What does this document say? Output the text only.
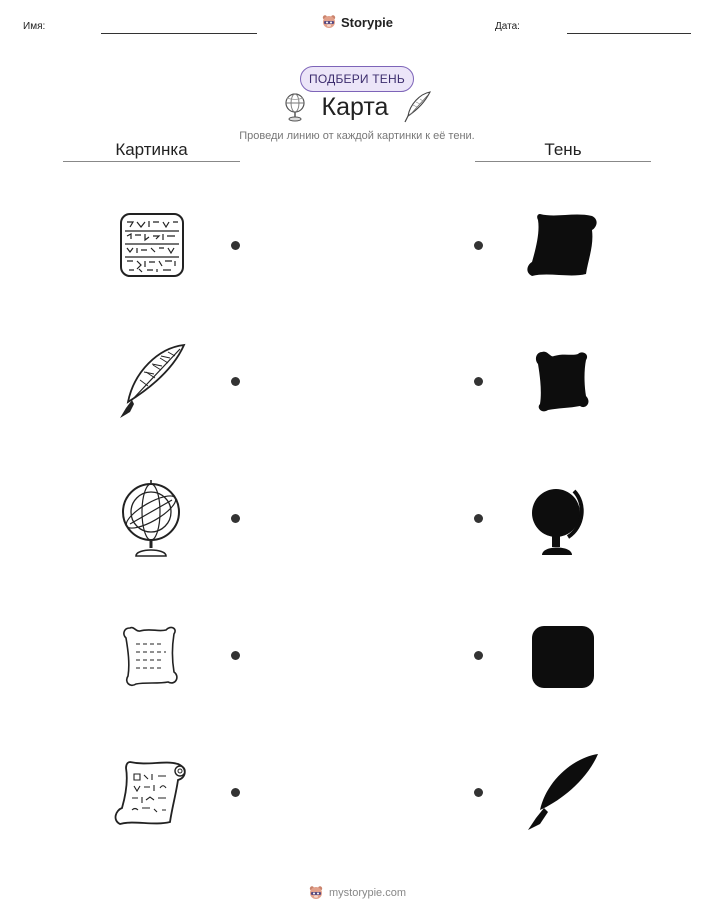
Имя:	Storypie	Дата:
ПОДБЕРИ ТЕНЬ
Карта
Проведи линию от каждой картинки к её тени.
Картинка	Тень
mystorypie.com
